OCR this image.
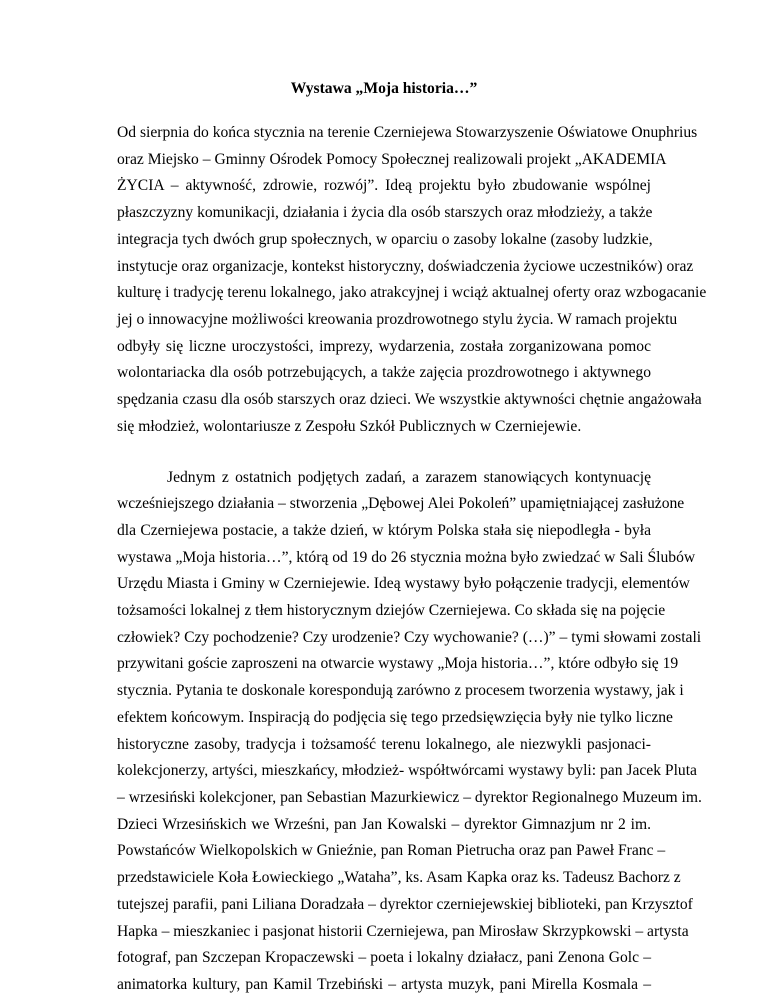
Wystawa „Moja historia…”
Od sierpnia do końca stycznia na terenie Czerniejewa Stowarzyszenie Oświatowe Onuphrius
oraz Miejsko – Gminny Ośrodek Pomocy Społecznej realizowali projekt „AKADEMIA
ŻYCIA – aktywność, zdrowie, rozwój”. Ideą projektu było zbudowanie wspólnej
płaszczyzny komunikacji, działania i życia dla osób starszych oraz młodzieży, a także
integracja tych dwóch grup społecznych, w oparciu o zasoby lokalne (zasoby ludzkie,
instytucje oraz organizacje, kontekst historyczny, doświadczenia życiowe uczestników) oraz
kulturę i tradycję terenu lokalnego, jako atrakcyjnej i wciąż aktualnej oferty oraz wzbogacanie
jej o innowacyjne możliwości kreowania prozdrowotnego stylu życia. W ramach projektu
odbyły się liczne uroczystości, imprezy, wydarzenia, została zorganizowana pomoc
wolontariacka dla osób potrzebujących, a także zajęcia prozdrowotnego i aktywnego
spędzania czasu dla osób starszych oraz dzieci. We wszystkie aktywności chętnie angażowała
się młodzież, wolontariusze z Zespołu Szkół Publicznych w Czerniejewie.
Jednym z ostatnich podjętych zadań, a zarazem stanowiących kontynuację
wcześniejszego działania – stworzenia „Dębowej Alei Pokoleń” upamiętniającej zasłużone
dla Czerniejewa postacie, a także dzień, w którym Polska stała się niepodległa - była
wystawa „Moja historia…”, którą od 19 do 26 stycznia można było zwiedzać w Sali Ślubów
Urzędu Miasta i Gminy w Czerniejewie. Ideą wystawy było połączenie tradycji, elementów
tożsamości lokalnej z tłem historycznym dziejów Czerniejewa. Co składa się na pojęcie
człowiek? Czy pochodzenie? Czy urodzenie? Czy wychowanie? (…)” – tymi słowami zostali
przywitani goście zaproszeni na otwarcie wystawy „Moja historia…”, które odbyło się 19
stycznia. Pytania te doskonale korespondują zarówno z procesem tworzenia wystawy, jak i
efektem końcowym. Inspiracją do podjęcia się tego przedsięwzięcia były nie tylko liczne
historyczne zasoby, tradycja i tożsamość terenu lokalnego, ale niezwykli pasjonaci-
kolekcjonerzy, artyści, mieszkańcy, młodzież- współtwórcami wystawy byli: pan Jacek Pluta
– wrzesiński kolekcjoner, pan Sebastian Mazurkiewicz – dyrektor Regionalnego Muzeum im.
Dzieci Wrzesińskich we Wrześni, pan Jan Kowalski – dyrektor Gimnazjum nr 2 im.
Powstańców Wielkopolskich w Gnieźnie, pan Roman Pietrucha oraz pan Paweł Franc –
przedstawiciele Koła Łowieckiego „Wataha”, ks. Asam Kapka oraz ks. Tadeusz Bachorz z
tutejszej parafii, pani Liliana Doradzała – dyrektor czerniejewskiej biblioteki, pan Krzysztof
Hapka – mieszkaniec i pasjonat historii Czerniejewa, pan Mirosław Skrzypkowski – artysta
fotograf, pan Szczepan Kropaczewski – poeta i lokalny działacz, pani Zenona Golc –
animatorka kultury, pan Kamil Trzebiński – artysta muzyk, pani Mirella Kosmala –
